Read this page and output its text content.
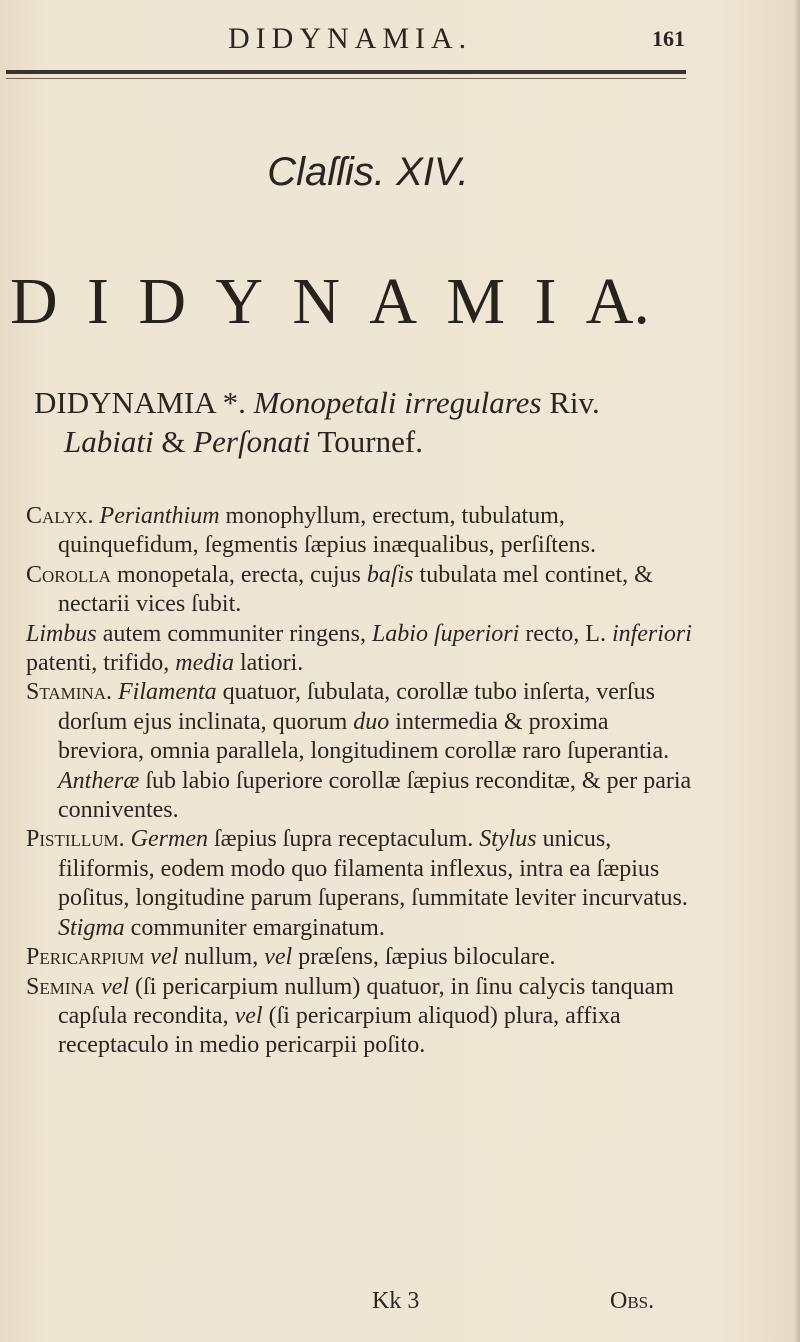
DIDYNAMIA.	161
Claſſis. XIV.
D I D Y N A M I A.
DIDYNAMIA *. Monopetali irregulares Riv.
Labiati & Perſonati Tournef.

Calyx. Perianthium monophyllum, erectum, tubulatum, quinquefidum, ſegmentis ſæpius inæqualibus, perſiſtens.

Corolla monopetala, erecta, cujus baſis tubulata mel continet, & nectarii vices ſubit.

Limbus autem communiter ringens, Labio ſuperiori recto, L. inferiori patenti, trifido, media latiori.

Stamina. Filamenta quatuor, ſubulata, corollæ tubo inſerta, verſus dorſum ejus inclinata, quorum duo intermedia & proxima breviora, omnia parallela, longitudinem corollæ raro ſuperantia. Antheræ ſub labio ſuperiore corollæ ſæpius reconditæ, & per paria conniventes.

Pistillum. Germen ſæpius ſupra receptaculum. Stylus unicus, filiformis, eodem modo quo filamenta inflexus, intra ea ſæpius poſitus, longitudine parum ſuperans, ſummitate leviter incurvatus. Stigma communiter emarginatum.

Pericarpium vel nullum, vel præſens, ſæpius biloculare.

Semina vel (ſi pericarpium nullum) quatuor, in ſinu calycis tanquam capſula recondita, vel (ſi pericarpium aliquod) plura, affixa receptaculo in medio pericarpii poſito.

Kk 3	Obs.
